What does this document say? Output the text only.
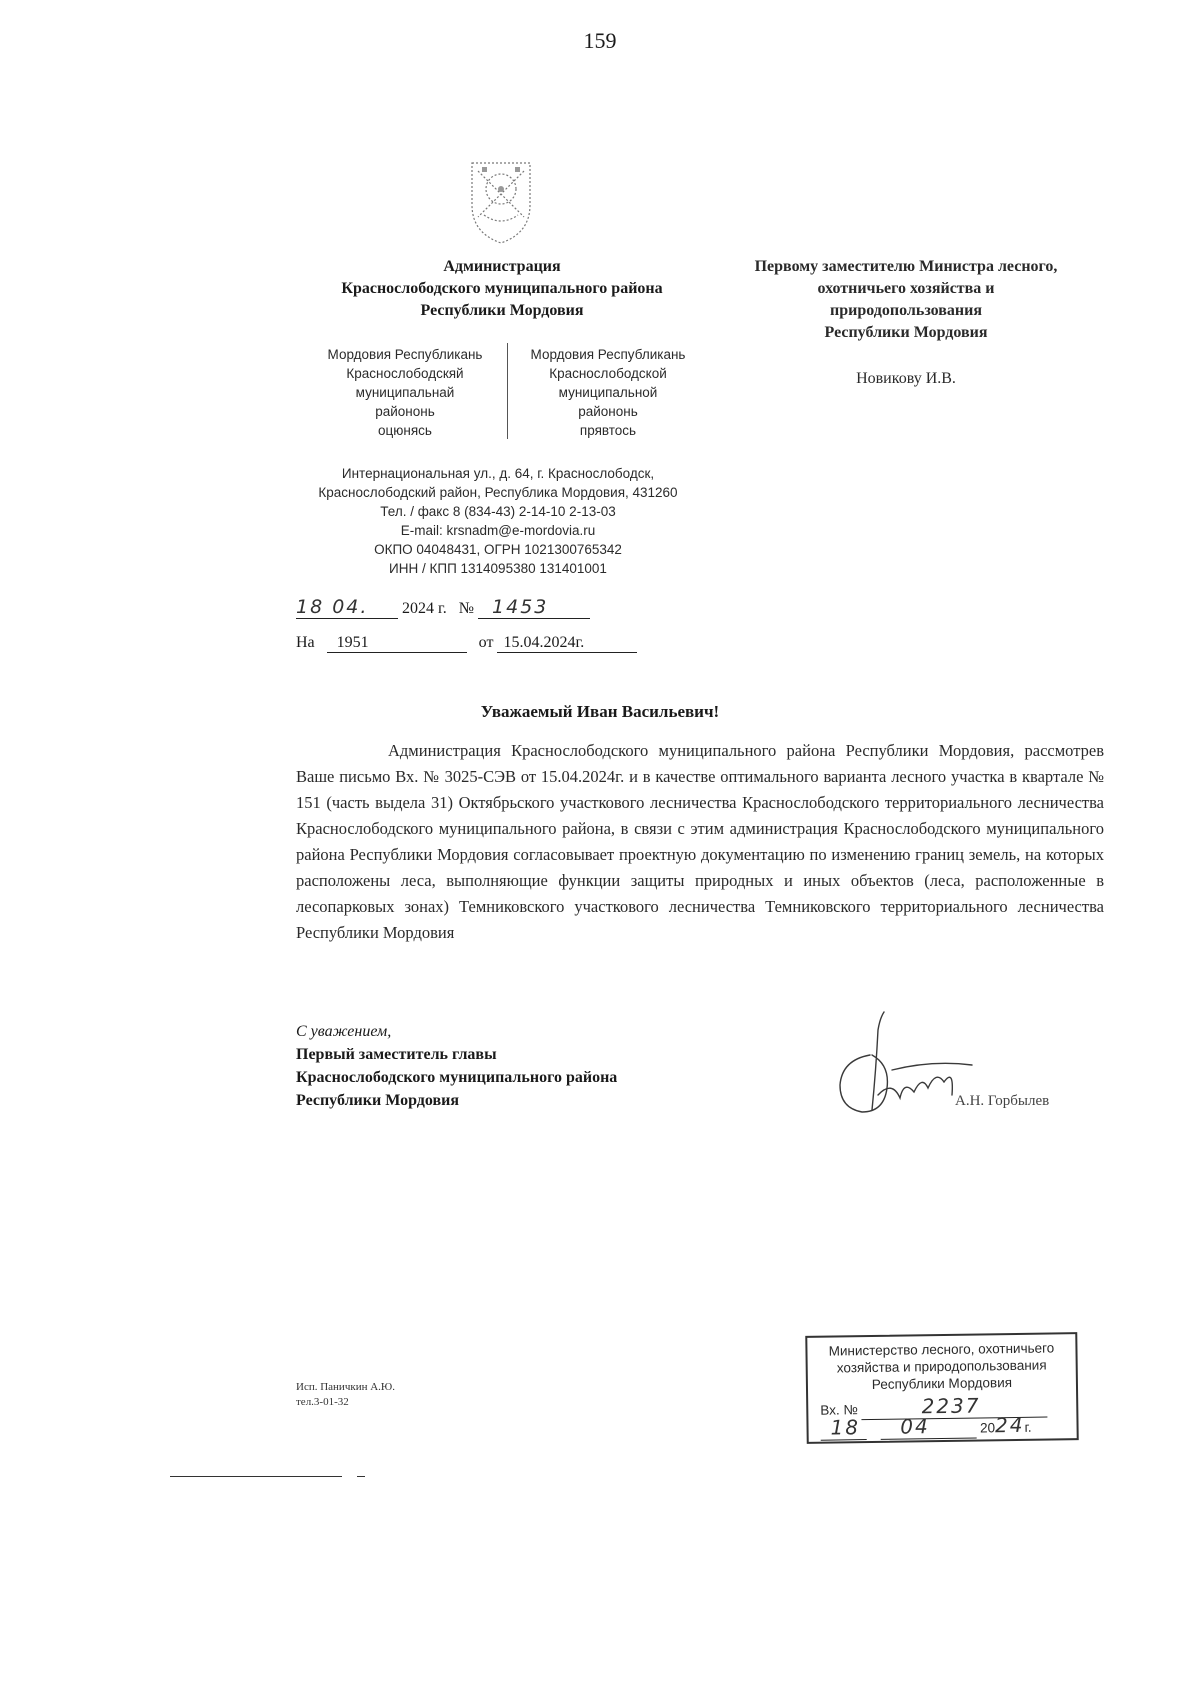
159
Администрация
Краснослободского муниципального района
Республики Мордовия
Первому заместителю Министра лесного,
охотничьего хозяйства и
природопользования
Республики Мордовия
Новикову И.В.
Мордовия Республикань
Краснослободскяй
муниципальнай
райононь
оцюнясь
Мордовия Республикань
Краснослободской
муниципальной
райононь
прявтось
Интернациональная ул., д. 64, г. Краснослободск,
Краснослободский район, Республика Мордовия, 431260
Тел. / факс 8 (834-43) 2-14-10 2-13-03
E-mail: krsnadm@e-mordovia.ru
ОКПО 04048431, ОГРН 1021300765342
ИНН / КПП 1314095380 131401001
18 04. 2024 г. № 1453
На 1951	от 15.04.2024г.
Уважаемый Иван Васильевич!
Администрация Краснослободского муниципального района Республики Мордовия, рассмотрев Ваше письмо Вх. № 3025-СЭВ от 15.04.2024г. и в качестве оптимального варианта лесного участка в квартале № 151 (часть выдела 31) Октябрьского участкового лесничества Краснослободского территориального лесничества Краснослободского муниципального района, в связи с этим администрация Краснослободского муниципального района Республики Мордовия согласовывает проектную документацию по изменению границ земель, на которых расположены леса, выполняющие функции защиты природных и иных объектов (леса, расположенные в лесопарковых зонах) Темниковского участкового лесничества Темниковского территориального лесничества Республики Мордовия
С уважением,
Первый заместитель главы
Краснослободского муниципального района
Республики Мордовия	А.Н. Горбылев
Исп. Паничкин А.Ю.
тел.3-01-32
Министерство лесного, охотничьего
хозяйства и природопользования
Республики Мордовия
Вх. №	2237
18 04	2024г.
